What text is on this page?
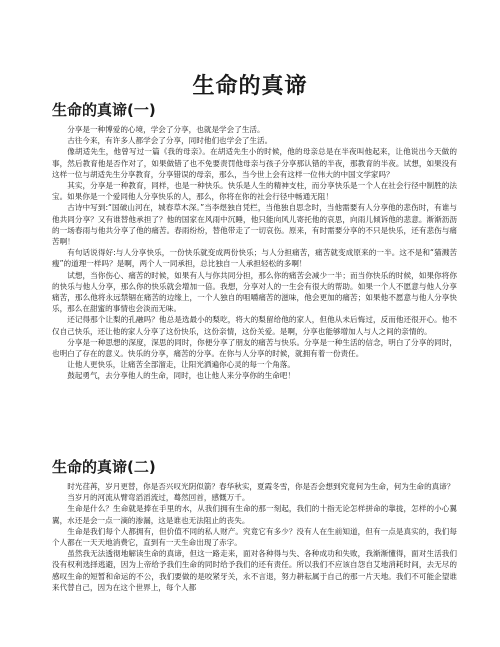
生命的真谛
生命的真谛(一)

分享是一种博爱的心境，学会了分享，也就是学会了生活。

古往今来，有许多人都学会了分享，同时他们也学会了生活。

像胡适先生，他曾写过一篇《我的母亲》。在胡适先生小的时候，他的母亲总是在半夜叫他起来，让他说出今天做的事，然后教育他是否作对了，如果做错了也不免要责罚他母亲与孩子分享那认错的半夜，那教育的半夜。试想，如果没有这样一位与胡适先生分享教育，分享错误的母亲，那么，当今世上会有这样一位伟大的中国文学家吗？

其实，分享是一种教育，同样，也是一种快乐。快乐是人生的精神支柱，而分享快乐是一个人在社会行径中制胜的法宝。如果你是一个爱同他人分享快乐的人，那么，你将在你的社会行径中畅通无阻！

古诗中写到:“国破山河在，城春草木深。”当李煜独自凭栏，当他独自思念时，当他需要有人分享他的悲伤时，有谁与他共同分享？又有谁替他承担了？他的国家在风雨中沉睡，他只能向风儿寄托他的哀思，向雨儿倾诉他的悲意。渐渐沥沥的一场春雨与他共分享了他的痛苦。春雨纷纷，替他带走了一切哀伤。原来，有时需要分享的不只是快乐，还有悲伤与痛苦啊！

有句话说得好:与人分享快乐，一份快乐就变成两份快乐；与人分担痛苦，痛苦就变成原来的一半。这不是和“猫溅苦瘦”的道理一样吗？是啊，两个人一同承担，总比独自一人承担轻松的多啊！

试想，当你伤心、痛苦的时候，如果有人与你共同分担，那么你的痛苦会减少一半；而当你快乐的时候，如果你将你的快乐与他人分享，那么你的快乐就会增加一倍。我想，分享对人的一生会有很大的帮助。如果一个人不愿意与他人分享痛苦，那么他将永远禁锢在痛苦的边缘上，一个人独自的咀嚼痛苦的滋味，他会更加的痛苦；如果他不愿意与他人分享快乐，那么在甜蜜的事情也会淡而无味。

还记得那个让梨的孔融吗？他总是选最小的梨吃，将大的梨留给他的家人，但他从未后悔过，反而他还很开心。他不仅自己快乐，还让他的家人分享了这份快乐，这份亲情，这份关爱。是啊，分享也能够增加人与人之间的亲情的。

分享是一种思想的深度，深思的同时，你便分享了朋友的痛苦与快乐。分享是一种生活的信念，明白了分享的同时，也明白了存在的意义。快乐的分享，痛苦的分享。在你与人分享的时候，就拥有着一份责任。

让他人更快乐，让痛苦全部溜走，让阳光洒遍你心灵的每一个角落。

鼓起勇气，去分享他人的生命，同时，也让他人来分享你的生命吧！

生命的真谛(二)

时光荏苒，岁月更替，你是否兴叹光阴似箭？春华秋实，夏霞冬雪，你是否会想到究竟何为生命，何为生命的真谛？

当岁月的河流从臂弯滔滔流过，蓦然回首，感慨万千。

生命是什么？生命就是捧在手里的水，从我们拥有生命的那一刻起，我们的十指无论怎样拼命的靠拢，怎样的小心翼翼，水还是会一点一滴的渗漏，这是谁也无法阻止的丧失。

生命是我们每个人都拥有，但价值不同的私人财产。究竟它有多少？没有人在生前知道，但有一点是真实的，我们每个人都在一天天地消费它，直到有一天生命出现了赤字。

虽然我无法透彻地解读生命的真谛，但这一路走来，面对各种得与失、各种成功和失败，我渐渐懂得，面对生活我们没有权利选择逃避，因为上帝给予我们生命的同时给予我们的还有责任。所以我们不应该自怨自艾地消耗时间，去无尽的感叹生命的短暂和命运的不公，我们要做的是咬紧牙关，永不言退，努力耕耘属于自己的那一片天地。我们不可能企望谁来代替自己，因为在这个世界上，每个人都
